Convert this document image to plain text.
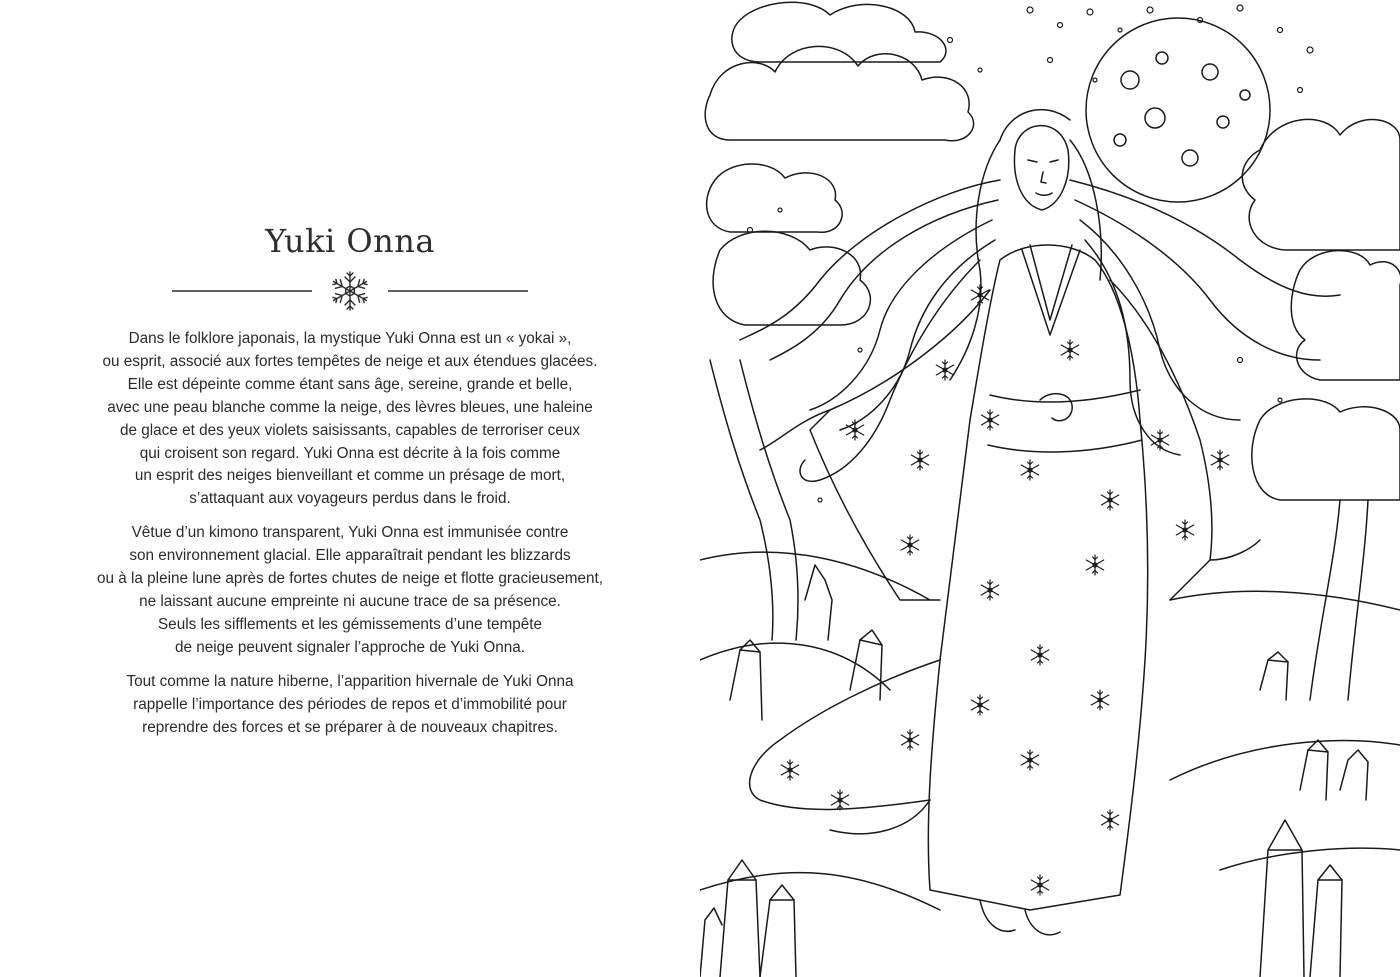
Yuki Onna

Dans le folklore japonais, la mystique Yuki Onna est un « yokai »,
ou esprit, associé aux fortes tempêtes de neige et aux étendues glacées.
Elle est dépeinte comme étant sans âge, sereine, grande et belle,
avec une peau blanche comme la neige, des lèvres bleues, une haleine
de glace et des yeux violets saisissants, capables de terroriser ceux
qui croisent son regard. Yuki Onna est décrite à la fois comme
un esprit des neiges bienveillant et comme un présage de mort,
s’attaquant aux voyageurs perdus dans le froid.

Vêtue d’un kimono transparent, Yuki Onna est immunisée contre
son environnement glacial. Elle apparaîtrait pendant les blizzards
ou à la pleine lune après de fortes chutes de neige et flotte gracieusement,
ne laissant aucune empreinte ni aucune trace de sa présence.
Seuls les sifflements et les gémissements d’une tempête
de neige peuvent signaler l’approche de Yuki Onna.

Tout comme la nature hiberne, l’apparition hivernale de Yuki Onna
rappelle l’importance des périodes de repos et d’immobilité pour
reprendre des forces et se préparer à de nouveaux chapitres.
